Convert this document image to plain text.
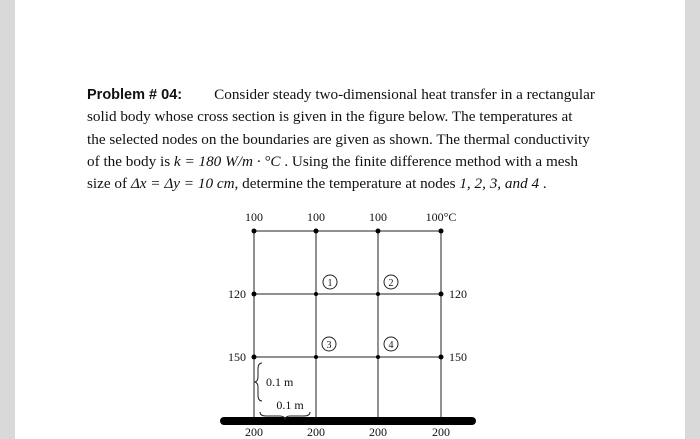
Problem # 04: Consider steady two-dimensional heat transfer in a rectangular
solid body whose cross section is given in the figure below. The temperatures at
the selected nodes on the boundaries are given as shown. The thermal conductivity
of the body is k = 180 W/m · °C . Using the finite difference method with a mesh
size of Δx = Δy = 10 cm, determine the temperature at nodes 1, 2, 3, and 4 .
100	100	100	100°C
120
150
120
150
200	200	200	200
1	2
3	4
0.1 m
0.1 m
